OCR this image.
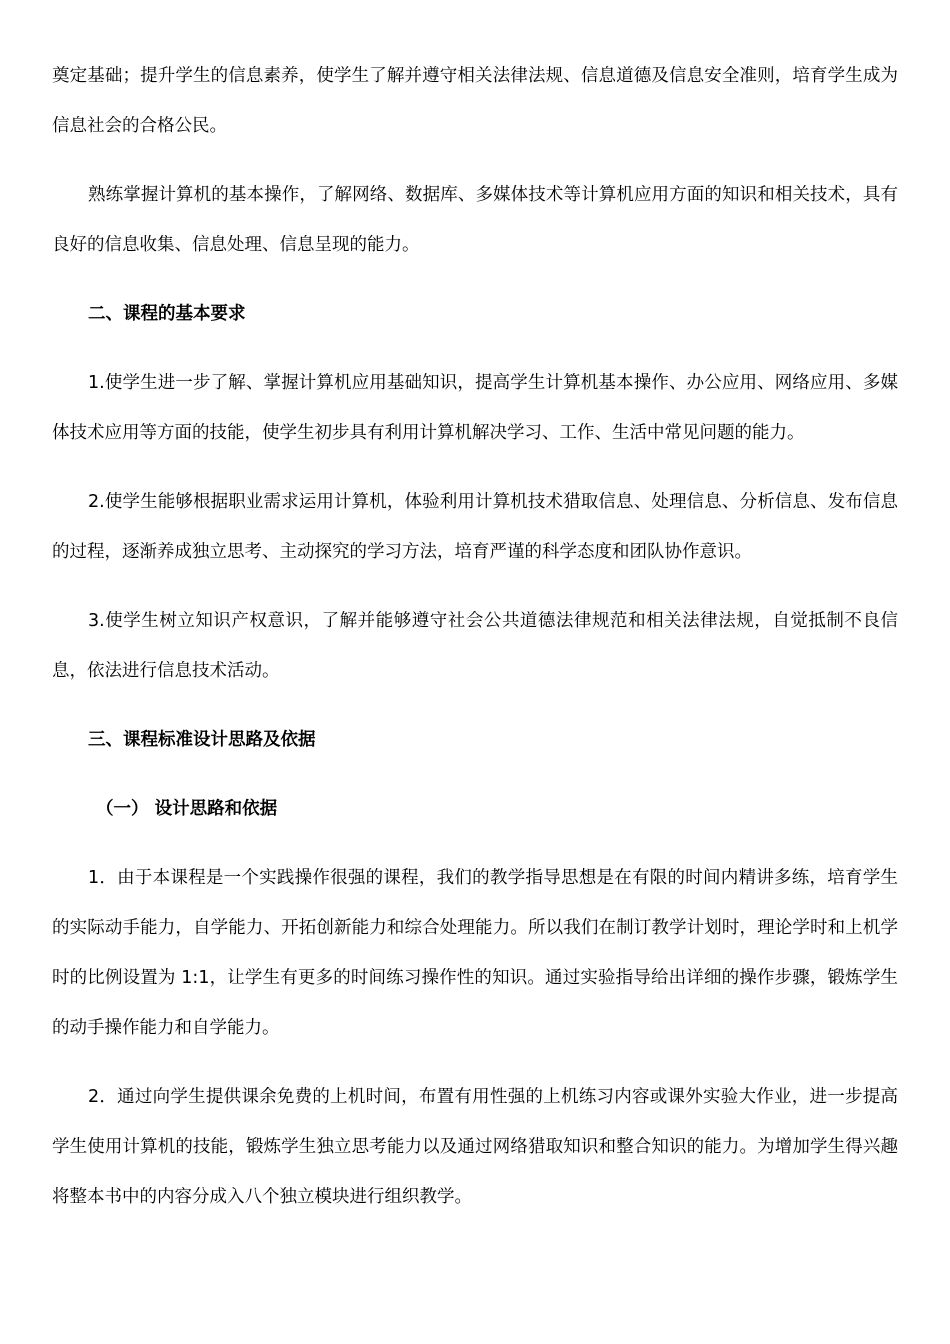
奠定基础；提升学生的信息素养，使学生了解并遵守相关法律法规、信息道德及信息安全准则，培育学生成为信息社会的合格公民。

熟练掌握计算机的基本操作，了解网络、数据库、多媒体技术等计算机应用方面的知识和相关技术，具有良好的信息收集、信息处理、信息呈现的能力。

二、课程的基本要求

1.使学生进一步了解、掌握计算机应用基础知识，提高学生计算机基本操作、办公应用、网络应用、多媒体技术应用等方面的技能，使学生初步具有利用计算机解决学习、工作、生活中常见问题的能力。

2.使学生能够根据职业需求运用计算机，体验利用计算机技术猎取信息、处理信息、分析信息、发布信息的过程，逐渐养成独立思考、主动探究的学习方法，培育严谨的科学态度和团队协作意识。

3.使学生树立知识产权意识，了解并能够遵守社会公共道德法律规范和相关法律法规，自觉抵制不良信息，依法进行信息技术活动。

三、课程标准设计思路及依据

（一） 设计思路和依据

1．由于本课程是一个实践操作很强的课程，我们的教学指导思想是在有限的时间内精讲多练，培育学生的实际动手能力，自学能力、开拓创新能力和综合处理能力。所以我们在制订教学计划时，理论学时和上机学时的比例设置为 1:1，让学生有更多的时间练习操作性的知识。通过实验指导给出详细的操作步骤，锻炼学生的动手操作能力和自学能力。

2．通过向学生提供课余免费的上机时间，布置有用性强的上机练习内容或课外实验大作业，进一步提高学生使用计算机的技能，锻炼学生独立思考能力以及通过网络猎取知识和整合知识的能力。为增加学生得兴趣将整本书中的内容分成入八个独立模块进行组织教学。
